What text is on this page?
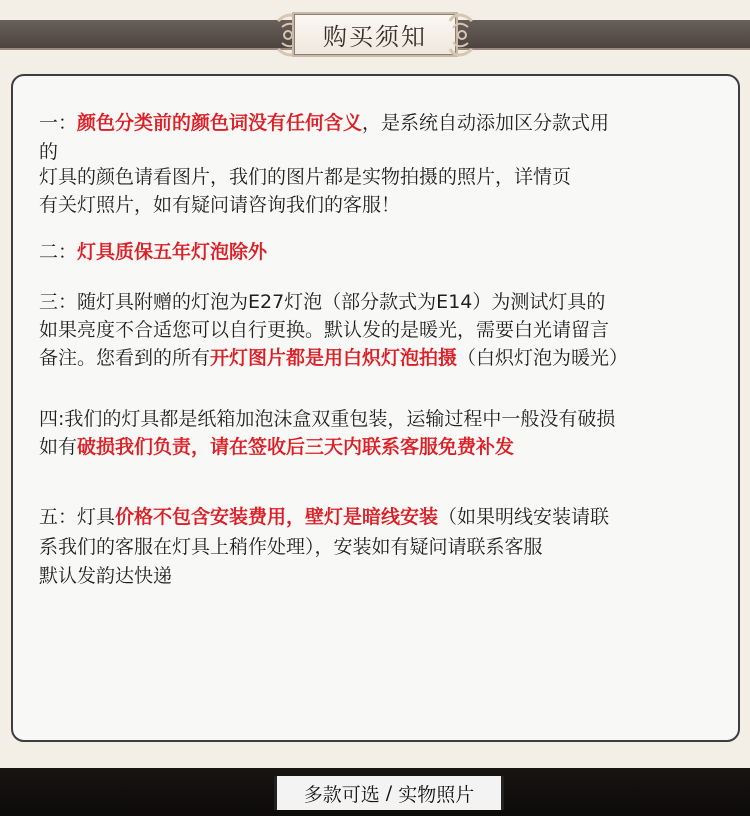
购买须知
一：颜色分类前的颜色词没有任何含义，是系统自动添加区分款式用
的
灯具的颜色请看图片，我们的图片都是实物拍摄的照片，详情页
有关灯照片，如有疑问请咨询我们的客服！
二：灯具质保五年灯泡除外
三：随灯具附赠的灯泡为E27灯泡（部分款式为E14）为测试灯具的
如果亮度不合适您可以自行更换。默认发的是暖光，需要白光请留言
备注。您看到的所有开灯图片都是用白炽灯泡拍摄（白炽灯泡为暖光）
四:我们的灯具都是纸箱加泡沫盒双重包装，运输过程中一般没有破损
如有破损我们负责，请在签收后三天内联系客服免费补发
五：灯具价格不包含安装费用，壁灯是暗线安装（如果明线安装请联
系我们的客服在灯具上稍作处理），安装如有疑问请联系客服
默认发韵达快递
多款可选 / 实物照片
